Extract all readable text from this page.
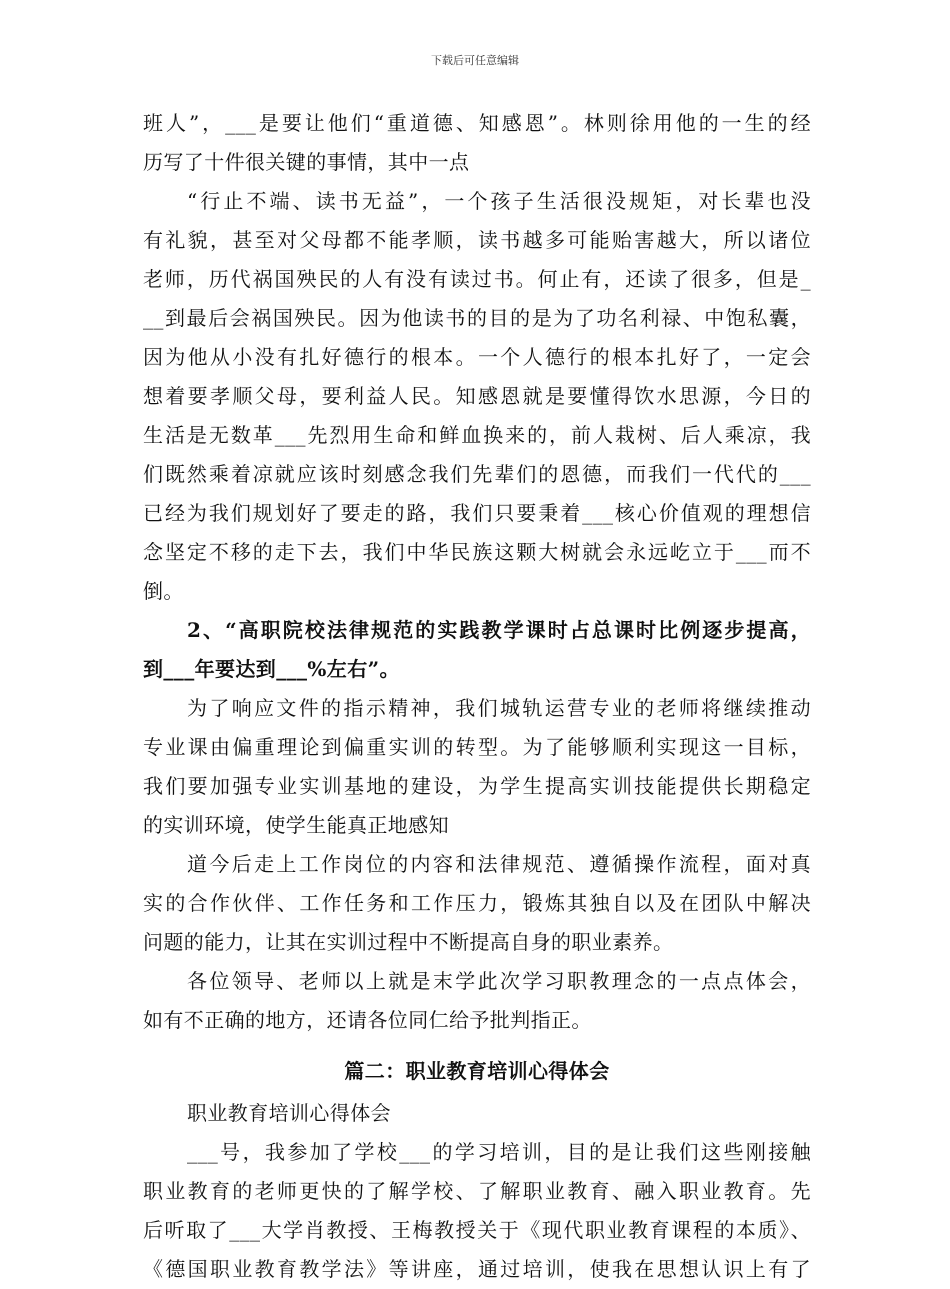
下载后可任意编辑
班人”，___是要让他们“重道德、知感恩”。林则徐用他的一生的经
历写了十件很关键的事情，其中一点
“行止不端、读书无益”，一个孩子生活很没规矩，对长辈也没
有礼貌，甚至对父母都不能孝顺，读书越多可能贻害越大，所以诸位
老师，历代祸国殃民的人有没有读过书。何止有，还读了很多，但是_
__到最后会祸国殃民。因为他读书的目的是为了功名利禄、中饱私囊，
因为他从小没有扎好德行的根本。一个人德行的根本扎好了，一定会
想着要孝顺父母，要利益人民。知感恩就是要懂得饮水思源，今日的
生活是无数革___先烈用生命和鲜血换来的，前人栽树、后人乘凉，我
们既然乘着凉就应该时刻感念我们先辈们的恩德，而我们一代代的___
已经为我们规划好了要走的路，我们只要秉着___核心价值观的理想信
念坚定不移的走下去，我们中华民族这颗大树就会永远屹立于___而不
倒。
2、“高职院校法律规范的实践教学课时占总课时比例逐步提高，
到___年要达到___%左右”。
为了响应文件的指示精神，我们城轨运营专业的老师将继续推动
专业课由偏重理论到偏重实训的转型。为了能够顺利实现这一目标，
我们要加强专业实训基地的建设，为学生提高实训技能提供长期稳定
的实训环境，使学生能真正地感知
道今后走上工作岗位的内容和法律规范、遵循操作流程，面对真
实的合作伙伴、工作任务和工作压力，锻炼其独自以及在团队中解决
问题的能力，让其在实训过程中不断提高自身的职业素养。
各位领导、老师以上就是末学此次学习职教理念的一点点体会，
如有不正确的地方，还请各位同仁给予批判指正。
篇二：职业教育培训心得体会
职业教育培训心得体会
___号，我参加了学校___的学习培训，目的是让我们这些刚接触
职业教育的老师更快的了解学校、了解职业教育、融入职业教育。先
后听取了___大学肖教授、王梅教授关于《现代职业教育课程的本质》、
《德国职业教育教学法》等讲座，通过培训，使我在思想认识上有了
